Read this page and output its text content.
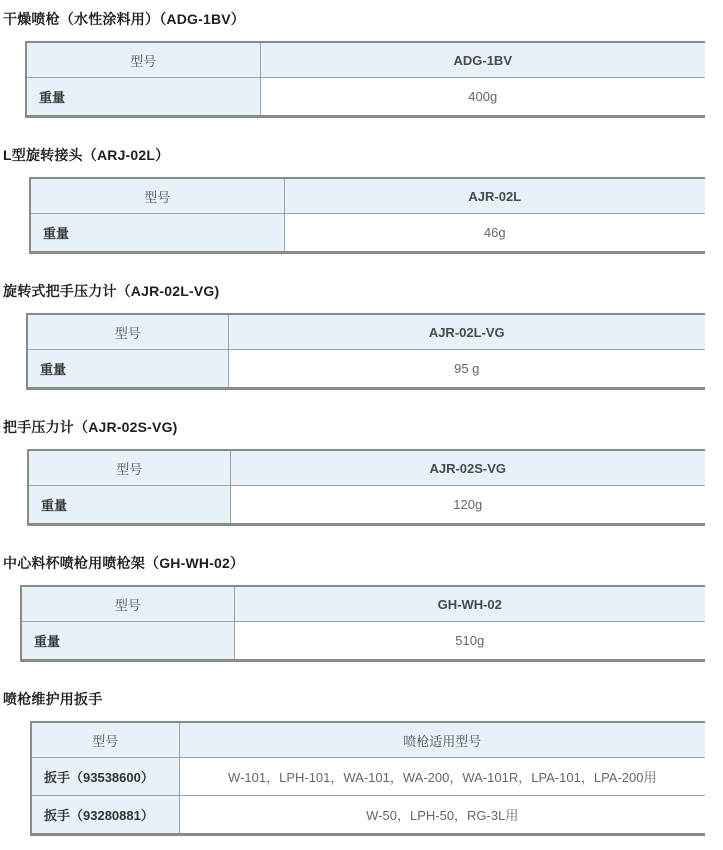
干燥喷枪（水性涂料用）（ADG-1BV）
型号	ADG-1BV
重量	400g
L型旋转接头（ARJ-02L）
型号	AJR-02L
重量	46g
旋转式把手压力计（AJR-02L-VG)
型号	AJR-02L-VG
重量	95 g
把手压力计（AJR-02S-VG)
型号	AJR-02S-VG
重量	120g
中心料杯喷枪用喷枪架（GH-WH-02）
型号	GH-WH-02
重量	510g
喷枪维护用扳手
型号	喷枪适用型号
扳手（93538600）	W-101，LPH-101，WA-101，WA-200，WA-101R，LPA-101，LPA-200用
扳手（93280881）	W-50，LPH-50，RG-3L用
